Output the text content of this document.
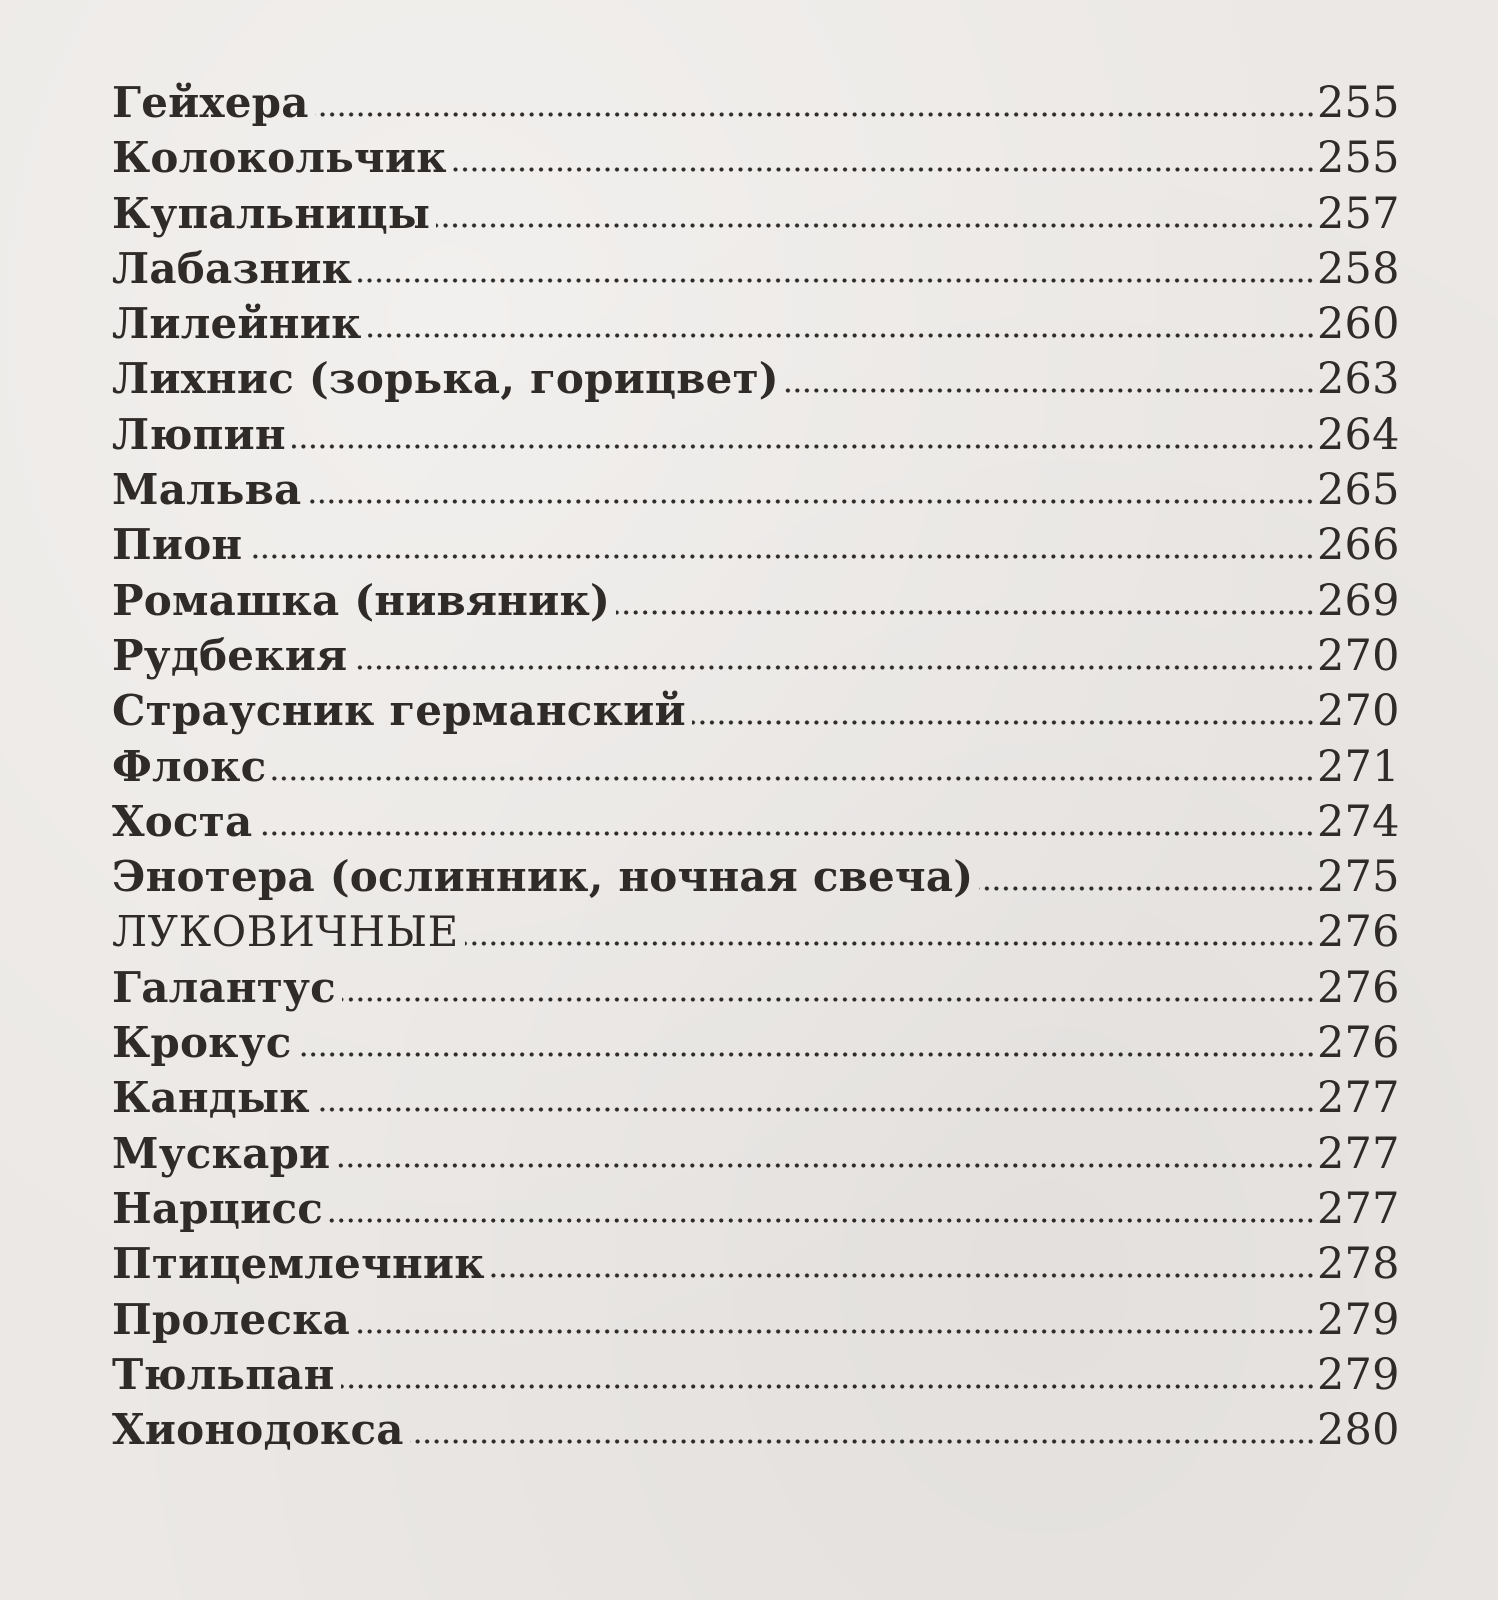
Гейхера	255
Колокольчик	255
Купальницы	257
Лабазник	258
Лилейник	260
Лихнис (зорька, горицвет)	263
Люпин	264
Мальва	265
Пион	266
Ромашка (нивяник)	269
Рудбекия	270
Страусник германский	270
Флокс	271
Хоста	274
Энотера (ослинник, ночная свеча)	275
ЛУКОВИЧНЫЕ	276
Галантус	276
Крокус	276
Кандык	277
Мускари	277
Нарцисс	277
Птицемлечник	278
Пролеска	279
Тюльпан	279
Хионодокса	280
